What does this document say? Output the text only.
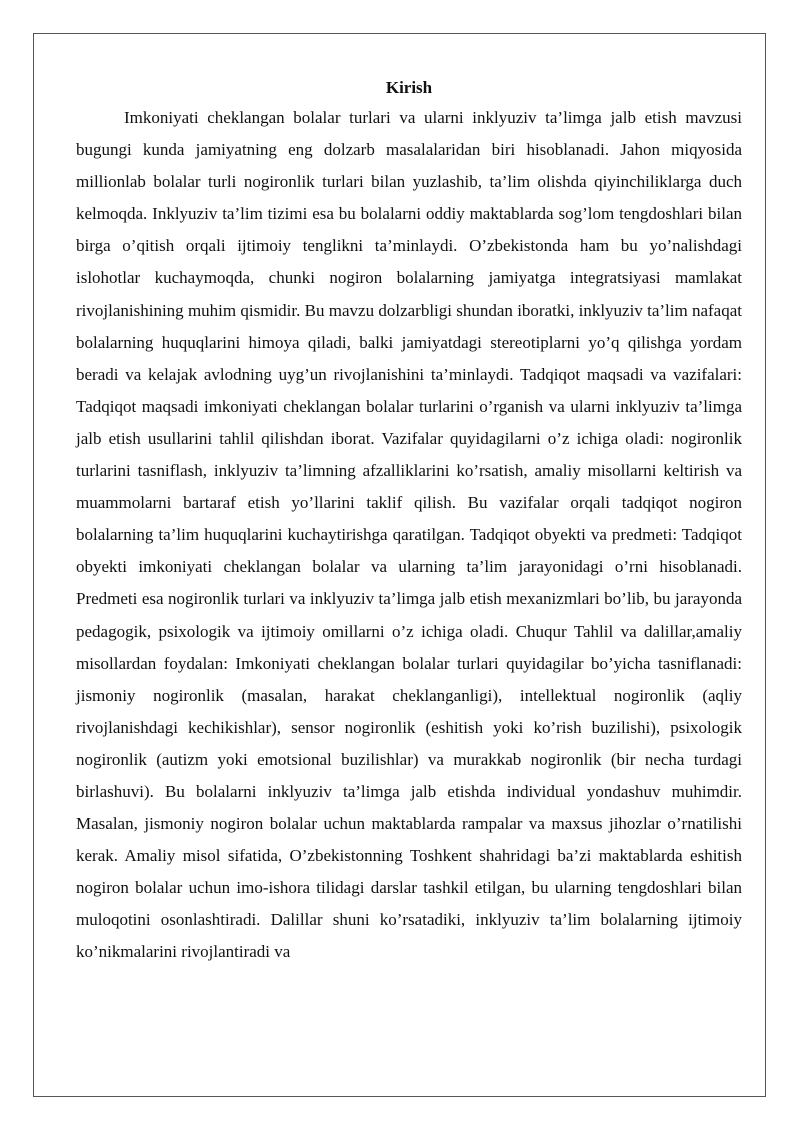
Kirish

Imkoniyati cheklangan bolalar turlari va ularni inklyuziv ta’limga jalb etish mavzusi bugungi kunda jamiyatning eng dolzarb masalalaridan biri hisoblanadi. Jahon miqyosida millionlab bolalar turli nogironlik turlari bilan yuzlashib, ta’lim olishda qiyinchiliklarga duch kelmoqda. Inklyuziv ta’lim tizimi esa bu bolalarni oddiy maktablarda sog’lom tengdoshlari bilan birga o’qitish orqali ijtimoiy tenglikni ta’minlaydi. O’zbekistonda ham bu yo’nalishdagi islohotlar kuchaymoqda, chunki nogiron bolalarning jamiyatga integratsiyasi mamlakat rivojlanishining muhim qismidir. Bu mavzu dolzarbligi shundan iboratki, inklyuziv ta’lim nafaqat bolalarning huquqlarini himoya qiladi, balki jamiyatdagi stereotiplarni yo’q qilishga yordam beradi va kelajak avlodning uyg’un rivojlanishini ta’minlaydi. Tadqiqot maqsadi va vazifalari: Tadqiqot maqsadi imkoniyati cheklangan bolalar turlarini o’rganish va ularni inklyuziv ta’limga jalb etish usullarini tahlil qilishdan iborat. Vazifalar quyidagilarni o’z ichiga oladi: nogironlik turlarini tasniflash, inklyuziv ta’limning afzalliklarini ko’rsatish, amaliy misollarni keltirish va muammolarni bartaraf etish yo’llarini taklif qilish. Bu vazifalar orqali tadqiqot nogiron bolalarning ta’lim huquqlarini kuchaytirishga qaratilgan. Tadqiqot obyekti va predmeti: Tadqiqot obyekti imkoniyati cheklangan bolalar va ularning ta’lim jarayonidagi o’rni hisoblanadi. Predmeti esa nogironlik turlari va inklyuziv ta’limga jalb etish mexanizmlari bo’lib, bu jarayonda pedagogik, psixologik va ijtimoiy omillarni o’z ichiga oladi. Chuqur Tahlil va dalillar,amaliy misollardan foydalan: Imkoniyati cheklangan bolalar turlari quyidagilar bo’yicha tasniflanadi: jismoniy nogironlik (masalan, harakat cheklanganligi), intellektual nogironlik (aqliy rivojlanishdagi kechikishlar), sensor nogironlik (eshitish yoki ko’rish buzilishi), psixologik nogironlik (autizm yoki emotsional buzilishlar) va murakkab nogironlik (bir necha turdagi birlashuvi). Bu bolalarni inklyuziv ta’limga jalb etishda individual yondashuv muhimdir. Masalan, jismoniy nogiron bolalar uchun maktablarda rampalar va maxsus jihozlar o’rnatilishi kerak. Amaliy misol sifatida, O’zbekistonning Toshkent shahridagi ba’zi maktablarda eshitish nogiron bolalar uchun imo-ishora tilidagi darslar tashkil etilgan, bu ularning tengdoshlari bilan muloqotini osonlashtiradi. Dalillar shuni ko’rsatadiki, inklyuziv ta’lim bolalarning ijtimoiy ko’nikmalarini rivojlantiradi va
